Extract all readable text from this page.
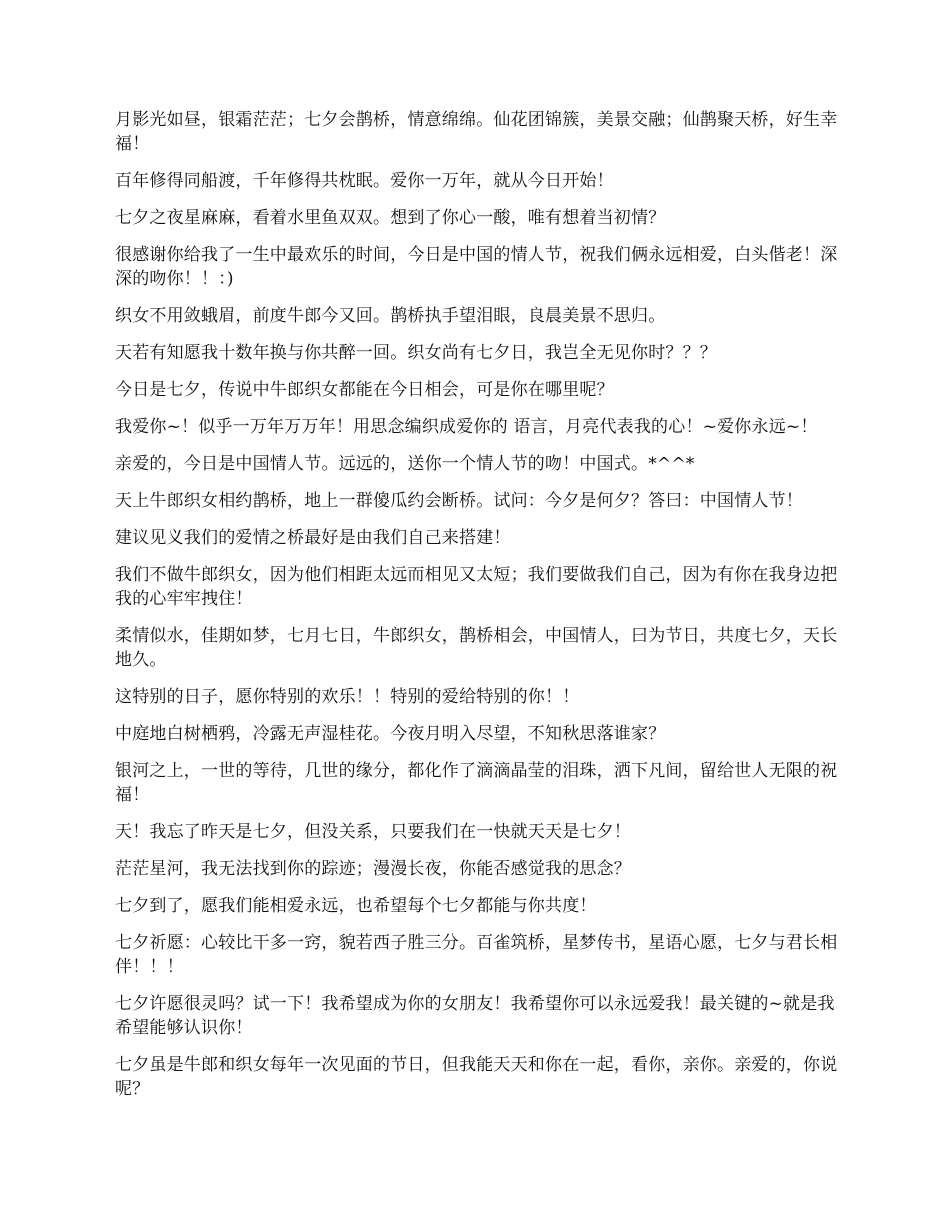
月影光如昼，银霜茫茫；七夕会鹊桥，情意绵绵。仙花团锦簇，美景交融；仙鹊聚天桥，好生幸福！

百年修得同船渡，千年修得共枕眠。爱你一万年，就从今日开始！

七夕之夜星麻麻，看着水里鱼双双。想到了你心一酸，唯有想着当初情？

很感谢你给我了一生中最欢乐的时间，今日是中国的情人节，祝我们俩永远相爱，白头偕老！深深的吻你！！：)

织女不用敛蛾眉，前度牛郎今又回。鹊桥执手望泪眼，良晨美景不思归。

天若有知愿我十数年换与你共醉一回。织女尚有七夕日，我岂全无见你时？？？

今日是七夕，传说中牛郎织女都能在今日相会，可是你在哪里呢？

我爱你~！似乎一万年万万年！用思念编织成爱你的 语言，月亮代表我的心！~爱你永远~！

亲爱的，今日是中国情人节。远远的，送你一个情人节的吻！中国式。*^^*

天上牛郎织女相约鹊桥，地上一群傻瓜约会断桥。试问：今夕是何夕？答曰：中国情人节！

建议见义我们的爱情之桥最好是由我们自己来搭建！

我们不做牛郎织女，因为他们相距太远而相见又太短；我们要做我们自己，因为有你在我身边把我的心牢牢拽住！

柔情似水，佳期如梦，七月七日，牛郎织女，鹊桥相会，中国情人，曰为节日，共度七夕，天长地久。

这特别的日子，愿你特别的欢乐！！特别的爱给特别的你！！

中庭地白树栖鸦，冷露无声湿桂花。今夜月明入尽望，不知秋思落谁家？

银河之上，一世的等待，几世的缘分，都化作了滴滴晶莹的泪珠，洒下凡间，留给世人无限的祝福！

天！我忘了昨天是七夕，但没关系，只要我们在一快就天天是七夕！

茫茫星河，我无法找到你的踪迹；漫漫长夜，你能否感觉我的思念？

七夕到了，愿我们能相爱永远，也希望每个七夕都能与你共度！

七夕祈愿：心较比干多一窍，貌若西子胜三分。百雀筑桥，星梦传书，星语心愿，七夕与君长相伴！！！

七夕许愿很灵吗？试一下！我希望成为你的女朋友！我希望你可以永远爱我！最关键的~就是我希望能够认识你！

七夕虽是牛郎和织女每年一次见面的节日，但我能天天和你在一起，看你，亲你。亲爱的，你说呢？
